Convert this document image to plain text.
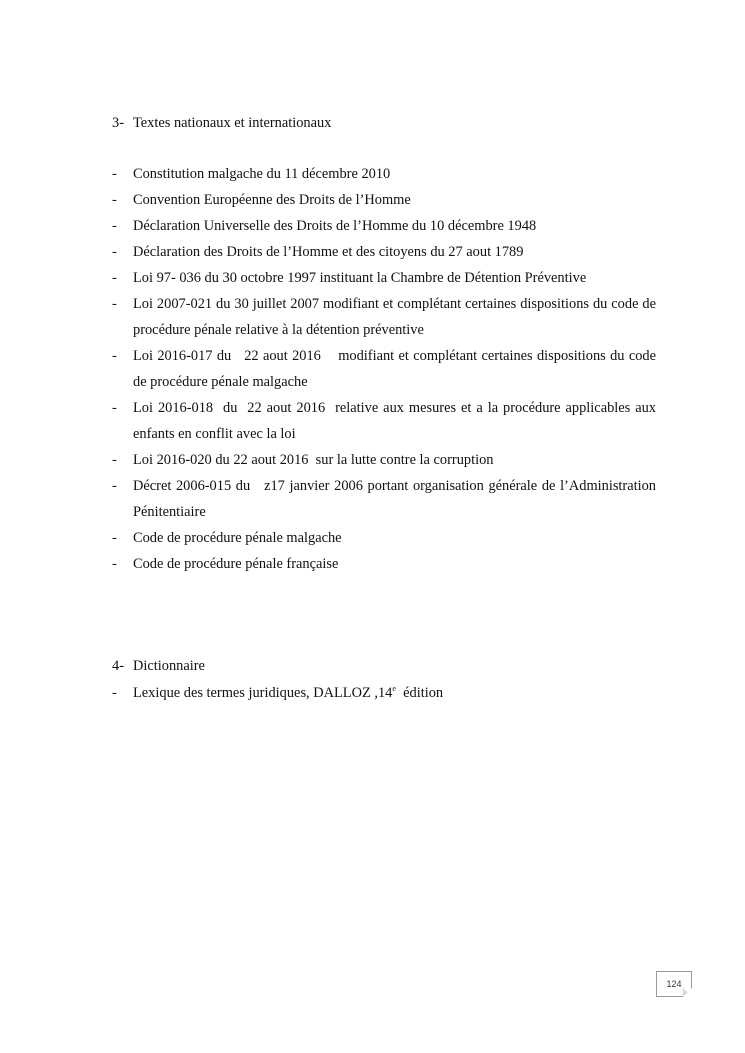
3- Textes nationaux et internationaux
- Constitution malgache du 11 décembre 2010
- Convention Européenne des Droits de l’Homme
- Déclaration Universelle des Droits de l’Homme du 10 décembre 1948
- Déclaration des Droits de l’Homme et des citoyens du 27 aout 1789
- Loi 97- 036 du 30 octobre 1997 instituant la Chambre de Détention Préventive
- Loi 2007-021 du 30 juillet 2007 modifiant et complétant certaines dispositions du code de procédure pénale relative à la détention préventive
- Loi 2016-017 du   22 aout 2016    modifiant et complétant certaines dispositions du code de procédure pénale malgache
- Loi 2016-018  du  22 aout 2016  relative aux mesures et a la procédure applicables aux enfants en conflit avec la loi
- Loi 2016-020 du 22 aout 2016  sur la lutte contre la corruption
- Décret 2006-015 du   z17 janvier 2006 portant organisation générale de l’Administration Pénitentiaire
- Code de procédure pénale malgache
- Code de procédure pénale française
4- Dictionnaire
- Lexique des termes juridiques, DALLOZ ,14e  édition
124
